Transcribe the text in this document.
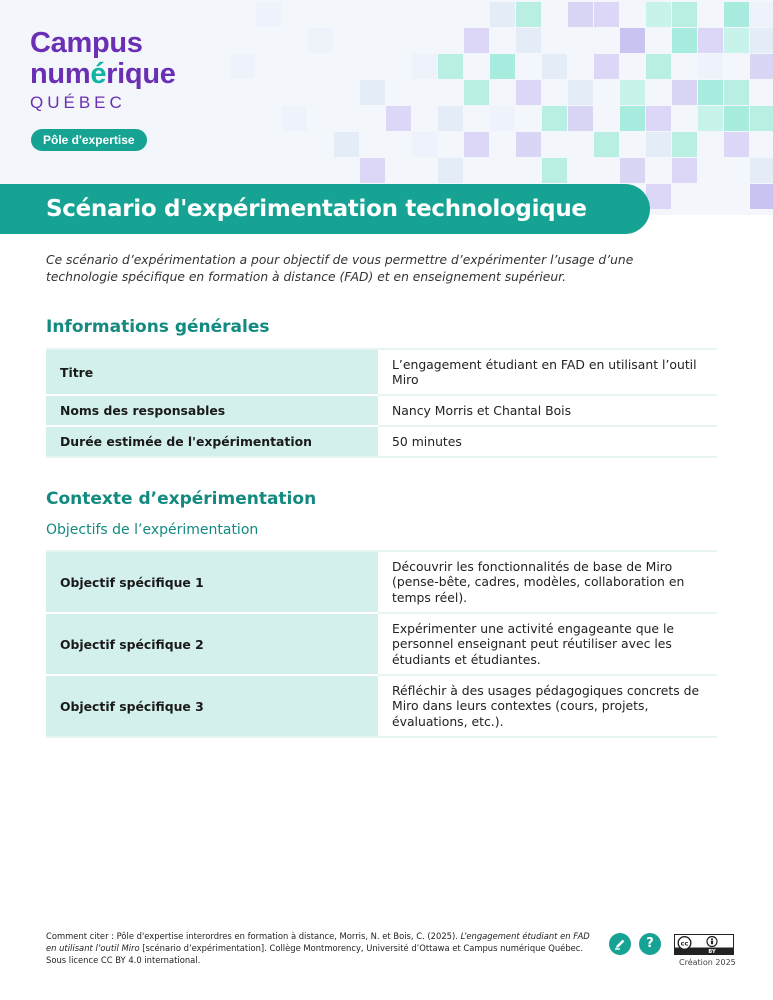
Campus
numérique
QUÉBEC
Pôle d'expertise
Scénario d'expérimentation technologique
Ce scénario d’expérimentation a pour objectif de vous permettre d’expérimenter l’usage d’une technologie spécifique en formation à distance (FAD) et en enseignement supérieur.
Informations générales
Titre	L’engagement étudiant en FAD en utilisant l’outil Miro
Noms des responsables	Nancy Morris et Chantal Bois
Durée estimée de l'expérimentation	50 minutes
Contexte d’expérimentation
Objectifs de l’expérimentation
Objectif spécifique 1	Découvrir les fonctionnalités de base de Miro (pense-bête, cadres, modèles, collaboration en temps réel).
Objectif spécifique 2	Expérimenter une activité engageante que le personnel enseignant peut réutiliser avec les étudiants et étudiantes.
Objectif spécifique 3	Réfléchir à des usages pédagogiques concrets de Miro dans leurs contextes (cours, projets, évaluations, etc.).
Comment citer : Pôle d'expertise interordres en formation à distance, Morris, N. et Bois, C. (2025). L’engagement étudiant en FAD en utilisant l’outil Miro [scénario d’expérimentation]. Collège Montmorency, Université d’Ottawa et Campus numérique Québec. Sous licence CC BY 4.0 international.
?	cc
BY
Création 2025
